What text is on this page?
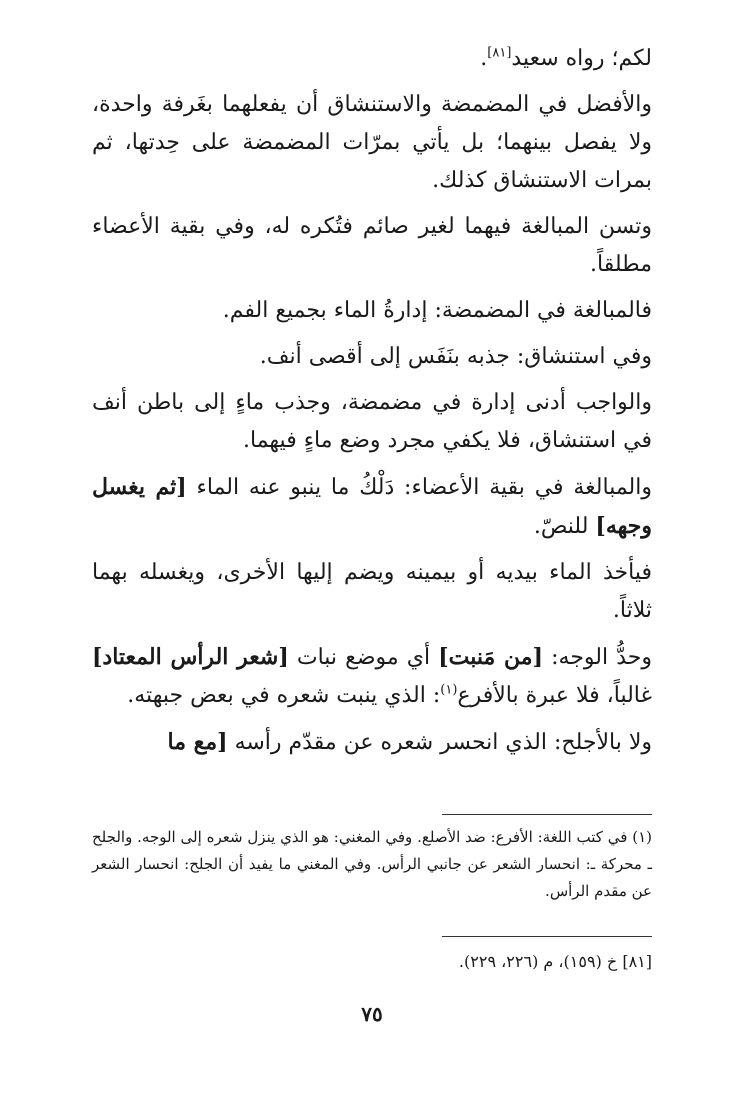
لكم؛ رواه سعيد[٨١].

والأفضل في المضمضة والاستنشاق أن يفعلهما بغَرفة واحدة، ولا يفصل بينهما؛ بل يأتي بمرّات المضمضة على حِدتها، ثم بمرات الاستنشاق كذلك.

وتسن المبالغة فيهما لغير صائم فتُكره له، وفي بقية الأعضاء مطلقاً.

فالمبالغة في المضمضة: إدارةُ الماء بجميع الفم.

وفي استنشاق: جذبه بنَفَس إلى أقصى أنف.

والواجب أدنى إدارة في مضمضة، وجذب ماءٍ إلى باطن أنف في استنشاق، فلا يكفي مجرد وضع ماءٍ فيهما.

والمبالغة في بقية الأعضاء: دَلْكُ ما ينبو عنه الماء [ثم يغسل وجهه] للنصّ.

فيأخذ الماء بيديه أو بيمينه ويضم إليها الأخرى، ويغسله بهما ثلاثاً.

وحدُّ الوجه: [من مَنبت] أي موضع نبات [شعر الرأس المعتاد] غالباً، فلا عبرة بالأفرع$^{(١)}$: الذي ينبت شعره في بعض جبهته.

ولا بالأجلح: الذي انحسر شعره عن مقدّم رأسه [مع ما

(١) في كتب اللغة: الأفرع: ضد الأصلع. وفي المغني: هو الذي ينزل شعره إلى الوجه. والجلح ـ محركة ـ: انحسار الشعر عن جانبي الرأس. وفي المغني ما يفيد أن الجلح: انحسار الشعر عن مقدم الرأس.
[٨١] خ (١٥٩)، م (٢٢٦، ٢٢٩).
٧٥
